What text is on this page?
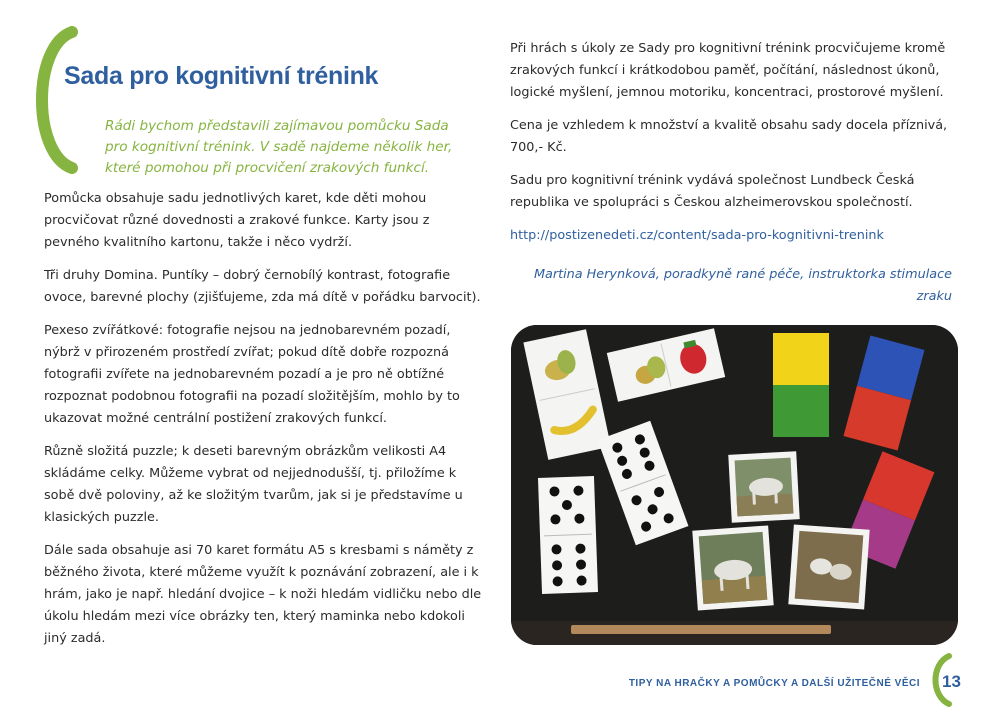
Sada pro kognitivní trénink

Rádi bychom představili zajímavou pomůcku Sada pro kognitivní trénink. V sadě najdeme několik her, které pomohou při procvičení zrakových funkcí.

Pomůcka obsahuje sadu jednotlivých karet, kde děti mohou procvičovat různé dovednosti a zrakové funkce. Karty jsou z pevného kvalitního kartonu, takže i něco vydrží.

Tři druhy Domina. Puntíky – dobrý černobílý kontrast, fotografie ovoce, barevné plochy (zjišťujeme, zda má dítě v pořádku barvocit).

Pexeso zvířátkové: fotografie nejsou na jednobarevném pozadí, nýbrž v přirozeném prostředí zvířat; pokud dítě dobře rozpozná fotografii zvířete na jednobarevném pozadí a je pro ně obtížné rozpoznat podobnou fotografii na pozadí složitějším, mohlo by to ukazovat možné centrální postižení zrakových funkcí.

Různě složitá puzzle; k deseti barevným obrázkům velikosti A4 skládáme celky. Můžeme vybrat od nejjednodušší, tj. přiložíme k sobě dvě poloviny, až ke složitým tvarům, jak si je představíme u klasických puzzle.

Dále sada obsahuje asi 70 karet formátu A5 s kresbami s náměty z běžného života, které můžeme využít k poznávání zobrazení, ale i k hrám, jako je např. hledání dvojice – k noži hledám vidličku nebo dle úkolu hledám mezi více obrázky ten, který maminka nebo kdokoli jiný zadá.

Při hrách s úkoly ze Sady pro kognitivní trénink procvičujeme kromě zrakových funkcí i krátkodobou paměť, počítání, následnost úkonů, logické myšlení, jemnou motoriku, koncentraci, prostorové myšlení.

Cena je vzhledem k množství a kvalitě obsahu sady docela příznivá, 700,- Kč.

Sadu pro kognitivní trénink vydává společnost Lundbeck Česká republika ve spolupráci s Českou alzheimerovskou společností.

http://postizenedeti.cz/content/sada-pro-kognitivni-trenink

Martina Herynková, poradkyně rané péče, instruktorka stimulace zraku

TIPY NA HRAČKY A POMŮCKY A DALŠÍ UŽITEČNÉ VĚCI 13
